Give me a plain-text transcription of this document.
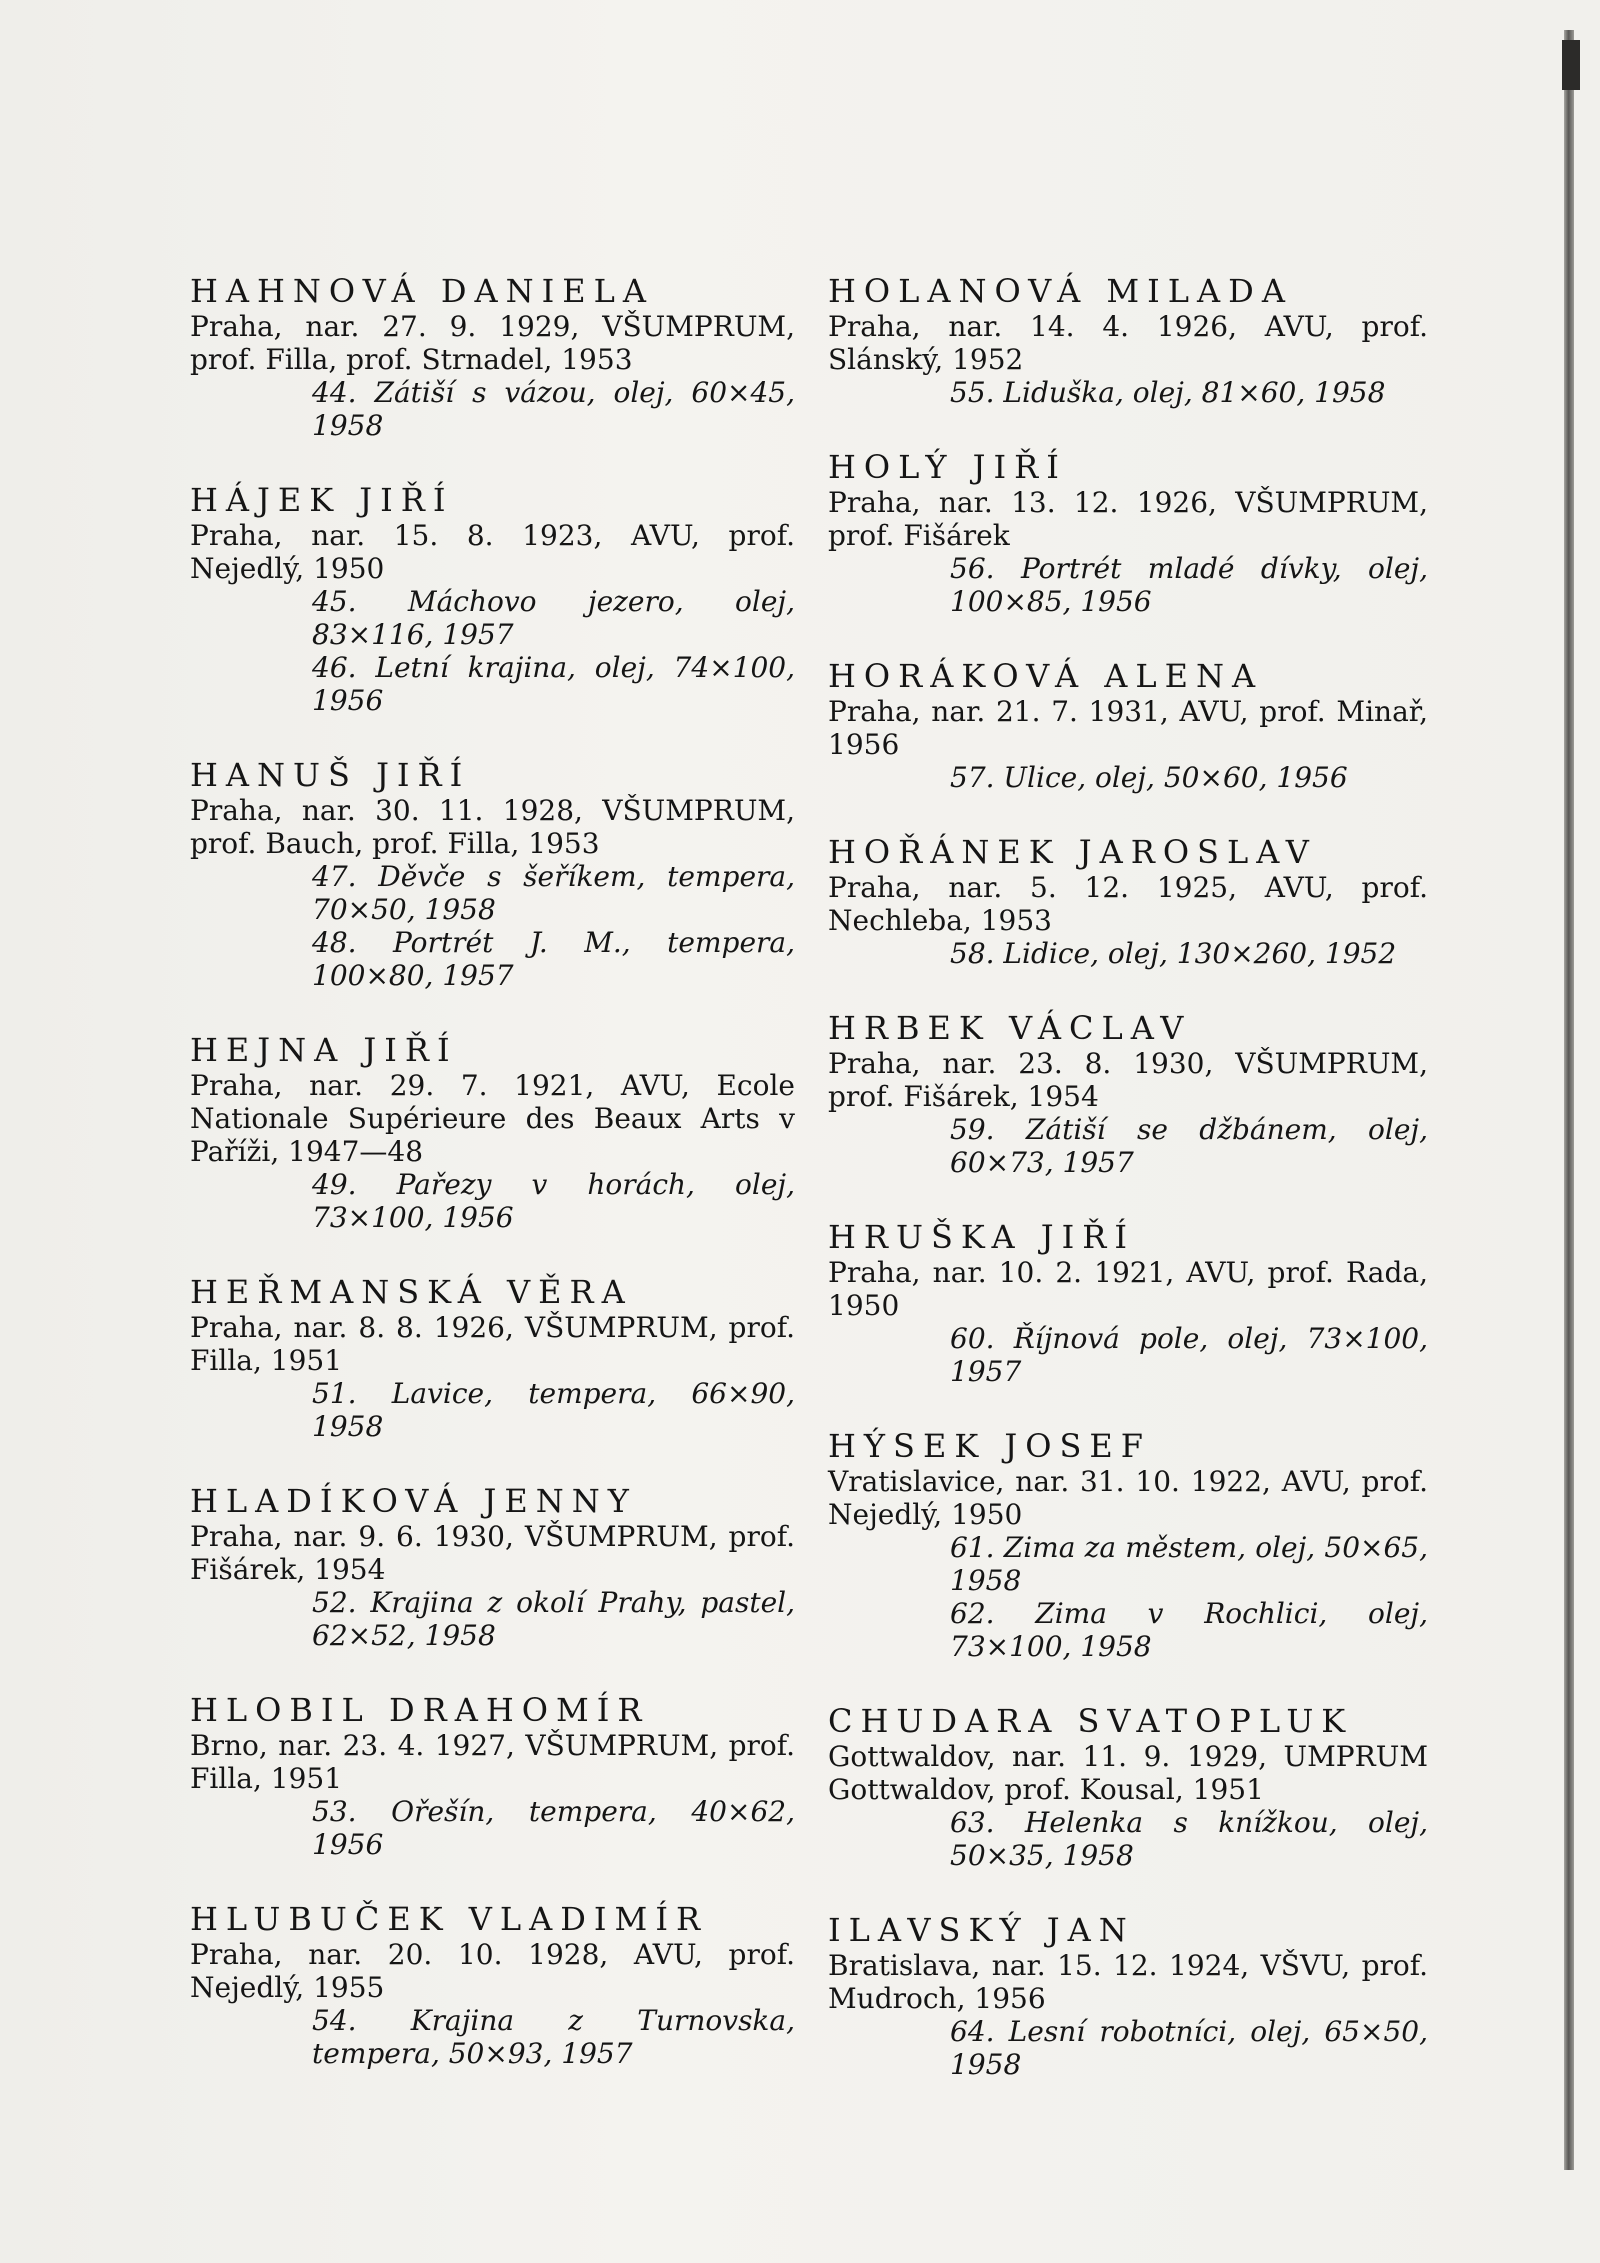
HAHNOVÁ DANIELA

Praha, nar. 27. 9. 1929, VŠUMPRUM, prof. Filla, prof. Strnadel, 1953

44. Zátiší s vázou, olej, 60×45, 1958

HÁJEK JIŘÍ

Praha, nar. 15. 8. 1923, AVU, prof. Nejedlý, 1950

45. Máchovo jezero, olej, 83×116, 1957

46. Letní krajina, olej, 74×100, 1956

HANUŠ JIŘÍ

Praha, nar. 30. 11. 1928, VŠUMPRUM, prof. Bauch, prof. Filla, 1953

47. Děvče s šeříkem, tempera, 70×50, 1958

48. Portrét J. M., tempera, 100×80, 1957

HEJNA JIŘÍ

Praha, nar. 29. 7. 1921, AVU, Ecole Nationale Supérieure des Beaux Arts v Paříži, 1947—48

49. Pařezy v horách, olej, 73×100, 1956

HEŘMANSKÁ VĚRA

Praha, nar. 8. 8. 1926, VŠUMPRUM, prof. Filla, 1951

51. Lavice, tempera, 66×90, 1958

HLADÍKOVÁ JENNY

Praha, nar. 9. 6. 1930, VŠUMPRUM, prof. Fišárek, 1954

52. Krajina z okolí Prahy, pastel, 62×52, 1958

HLOBIL DRAHOMÍR

Brno, nar. 23. 4. 1927, VŠUMPRUM, prof. Filla, 1951

53. Ořešín, tempera, 40×62, 1956

HLUBUČEK VLADIMÍR

Praha, nar. 20. 10. 1928, AVU, prof. Nejedlý, 1955

54. Krajina z Turnovska, tempera, 50×93, 1957

HOLANOVÁ MILADA

Praha, nar. 14. 4. 1926, AVU, prof. Slánský, 1952

55. Liduška, olej, 81×60, 1958

HOLÝ JIŘÍ

Praha, nar. 13. 12. 1926, VŠUMPRUM, prof. Fišárek

56. Portrét mladé dívky, olej, 100×85, 1956

HORÁKOVÁ ALENA

Praha, nar. 21. 7. 1931, AVU, prof. Minař, 1956

57. Ulice, olej, 50×60, 1956

HOŘÁNEK JAROSLAV

Praha, nar. 5. 12. 1925, AVU, prof. Nechleba, 1953

58. Lidice, olej, 130×260, 1952

HRBEK VÁCLAV

Praha, nar. 23. 8. 1930, VŠUMPRUM, prof. Fišárek, 1954

59. Zátiší se džbánem, olej, 60×73, 1957

HRUŠKA JIŘÍ

Praha, nar. 10. 2. 1921, AVU, prof. Rada, 1950

60. Říjnová pole, olej, 73×100, 1957

HÝSEK JOSEF

Vratislavice, nar. 31. 10. 1922, AVU, prof. Nejedlý, 1950

61. Zima za městem, olej, 50×65, 1958

62. Zima v Rochlici, olej, 73×100, 1958

CHUDARA SVATOPLUK

Gottwaldov, nar. 11. 9. 1929, UMPRUM Gottwaldov, prof. Kousal, 1951

63. Helenka s knížkou, olej, 50×35, 1958

ILAVSKÝ JAN

Bratislava, nar. 15. 12. 1924, VŠVU, prof. Mudroch, 1956

64. Lesní robotníci, olej, 65×50, 1958
